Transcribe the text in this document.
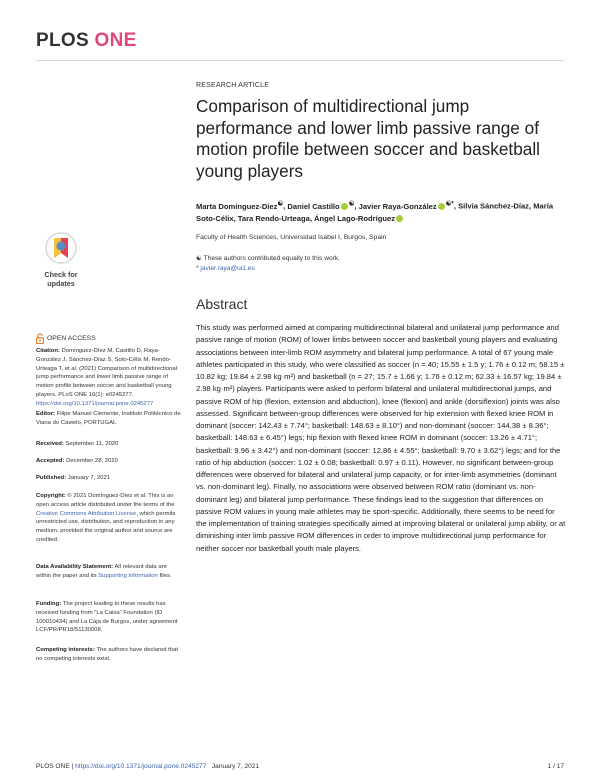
PLOS ONE
RESEARCH ARTICLE
Comparison of multidirectional jump performance and lower limb passive range of motion profile between soccer and basketball young players
Marta Domínguez-Díez☯, Daniel Castillo ☯, Javier Raya-González ☯*, Silvia Sánchez-Díaz, María Soto-Célix, Tara Rendo-Urteaga, Ángel Lago-Rodríguez
Faculty of Health Sciences, Universidad Isabel I, Burgos, Spain
☯ These authors contributed equally to this work.
* javier.raya@ui1.es
Check for updates
OPEN ACCESS
Citation: Domínguez-Díez M, Castillo D, Raya-González J, Sánchez-Díaz S, Soto-Célix M, Rendo-Urteaga T, et al. (2021) Comparison of multidirectional jump performance and lower limb passive range of motion profile between soccer and basketball young players. PLoS ONE 16(1): e0245277. https://doi.org/10.1371/journal.pone.0245277
Editor: Filipe Manuel Clemente, Instituto Politécnico de Viana do Castelo, PORTUGAL
Received: September 11, 2020
Accepted: December 28, 2020
Published: January 7, 2021
Copyright: © 2021 Domínguez-Díez et al. This is an open access article distributed under the terms of the Creative Commons Attribution License, which permits unrestricted use, distribution, and reproduction in any medium, provided the original author and source are credited.
Data Availability Statement: All relevant data are within the paper and its Supporting Information files.
Funding: The project leading to these results has received funding from "La Caixa" Foundation (ID 100010434) and La Caja de Burgos, under agreement LCF/PR/PR18/51130008.
Competing interests: The authors have declared that no competing interests exist.
Abstract

This study was performed aimed at comparing multidirectional bilateral and unilateral jump performance and passive range of motion (ROM) of lower limbs between soccer and basketball young players and evaluating associations between inter-limb ROM asymmetry and bilateral jump performance. A total of 67 young male athletes participated in this study, who were classified as soccer (n = 40; 15.55 ± 1.5 y; 1.76 ± 0.12 m; 58.15 ± 10.82 kg; 19.84 ± 2.98 kg·m²) and basketball (n = 27; 15.7 ± 1.66 y; 1.76 ± 0.12 m; 62.33 ± 16.57 kg; 19.84 ± 2.98 kg·m²) players. Participants were asked to perform bilateral and unilateral multidirectional jumps, and passive ROM of hip (flexion, extension and abduction), knee (flexion) and ankle (dorsiflexion) joints was also assessed. Significant between-group differences were observed for hip extension with flexed knee ROM in dominant (soccer: 142.43 ± 7.74°; basketball: 148.63 ± 8.10°) and non-dominant (soccer: 144.38 ± 8.36°; basketball: 148.63 ± 6.45°) legs; hip flexion with flexed knee ROM in dominant (soccer: 13.26 ± 4.71°; basketball: 9.96 ± 3.42°) and non-dominant (soccer: 12.86 ± 4.55°; basketball: 9.70 ± 3.62°) legs; and for the ratio of hip abduction (soccer: 1.02 ± 0.08; basketball: 0.97 ± 0.11). However, no significant between-group differences were observed for bilateral and unilateral jump capacity, or for inter-limb asymmetries (dominant vs. non-dominant leg). Finally, no associations were observed between ROM ratio (dominant vs. non-dominant leg) and bilateral jump performance. These findings lead to the suggestion that differences on passive ROM values in young male athletes may be sport-specific. Additionally, there seems to be need for the implementation of training strategies specifically aimed at improving bilateral or unilateral jump ability, or at diminishing inter limb passive ROM differences in order to improve multidirectional jump performance for neither soccer nor basketball youth male players.

PLOS ONE | https://doi.org/10.1371/journal.pone.0245277 January 7, 2021	1 / 17
